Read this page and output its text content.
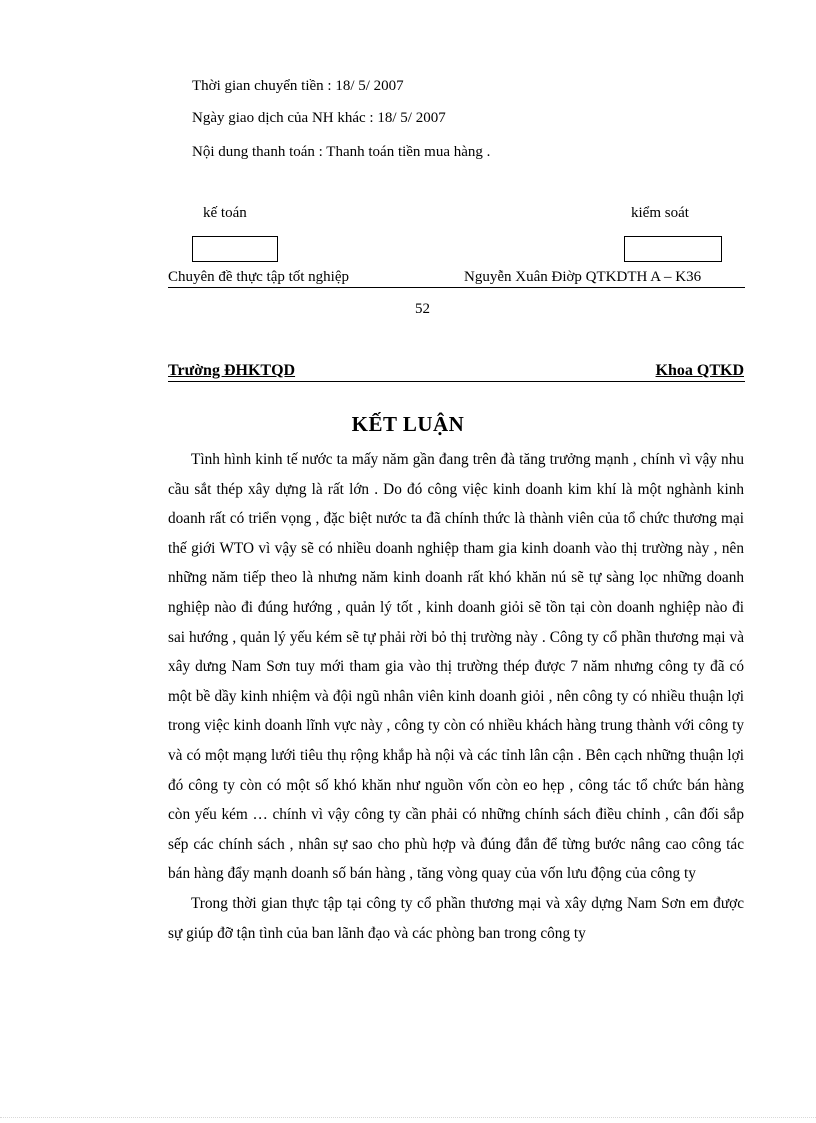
Thời gian chuyển tiền : 18/ 5/ 2007
Ngày giao dịch của NH khác : 18/ 5/ 2007
Nội dung thanh toán : Thanh toán tiền mua hàng .
kế toán	kiểm soát
Chuyên đề thực tập tốt nghiệp	Nguyễn Xuân Điờp QTKDTH A – K36
52
Trường ĐHKTQD	Khoa QTKD
KẾT LUẬN

Tình hình kinh tế nước ta mấy năm gần đang trên đà tăng trưởng mạnh , chính vì vậy nhu cầu sắt thép xây dựng là rất lớn . Do đó công việc kinh doanh kim khí là một nghành kinh doanh rất có triển vọng , đặc biệt nước ta đã chính thức là thành viên của tổ chức thương mại thế giới WTO vì vậy sẽ có nhiều doanh nghiệp tham gia kinh doanh vào thị trường này , nên những năm tiếp theo là nhưng năm kinh doanh rất khó khăn nú sẽ tự sàng lọc những doanh nghiệp nào đi đúng hướng , quản lý tốt , kinh doanh giỏi sẽ tồn tại còn doanh nghiệp nào đi sai hướng , quản lý yếu kém sẽ tự phải rời bỏ thị trường này . Công ty cổ phần thương mại và xây dưng Nam Sơn tuy mới tham gia vào thị trường thép được 7 năm nhưng công ty đã có một bề dầy kinh nhiệm và đội ngũ nhân viên kinh doanh giỏi , nên công ty có nhiều thuận lợi trong việc kinh doanh lĩnh vực này , công ty còn có nhiều khách hàng trung thành với công ty và có một mạng lưới tiêu thụ rộng khắp hà nội và các tỉnh lân cận . Bên cạch những thuận lợi đó công ty còn có một số khó khăn như nguồn vốn còn eo hẹp , công tác tổ chức bán hàng còn yếu kém … chính vì vậy công ty cần phải có những chính sách điều chỉnh , cân đối sắp sếp các chính sách , nhân sự sao cho phù hợp và đúng đắn để từng bước nâng cao công tác bán hàng đẩy mạnh doanh số bán hàng , tăng vòng quay của vốn lưu động của công ty

Trong thời gian thực tập tại công ty cổ phần thương mại và xây dựng Nam Sơn em được sự giúp đỡ tận tình của ban lãnh đạo và các phòng ban trong công ty
